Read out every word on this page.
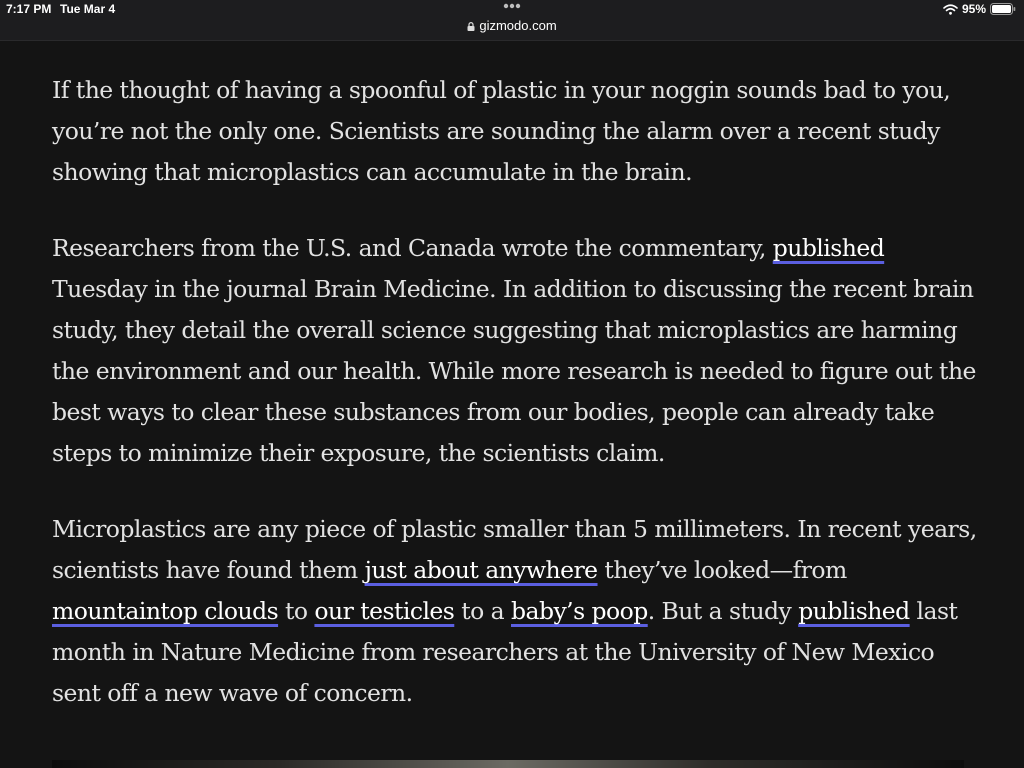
7:17 PM Tue Mar 4
gizmodo.com
95%

If the thought of having a spoonful of plastic in your noggin sounds bad to you, you’re not the only one. Scientists are sounding the alarm over a recent study showing that microplastics can accumulate in the brain.

Researchers from the U.S. and Canada wrote the commentary, published Tuesday in the journal Brain Medicine. In addition to discussing the recent brain study, they detail the overall science suggesting that microplastics are harming the environment and our health. While more research is needed to figure out the best ways to clear these substances from our bodies, people can already take steps to minimize their exposure, the scientists claim.

Microplastics are any piece of plastic smaller than 5 millimeters. In recent years, scientists have found them just about anywhere they’ve looked—from mountaintop clouds to our testicles to a baby’s poop. But a study published last month in Nature Medicine from researchers at the University of New Mexico sent off a new wave of concern.
